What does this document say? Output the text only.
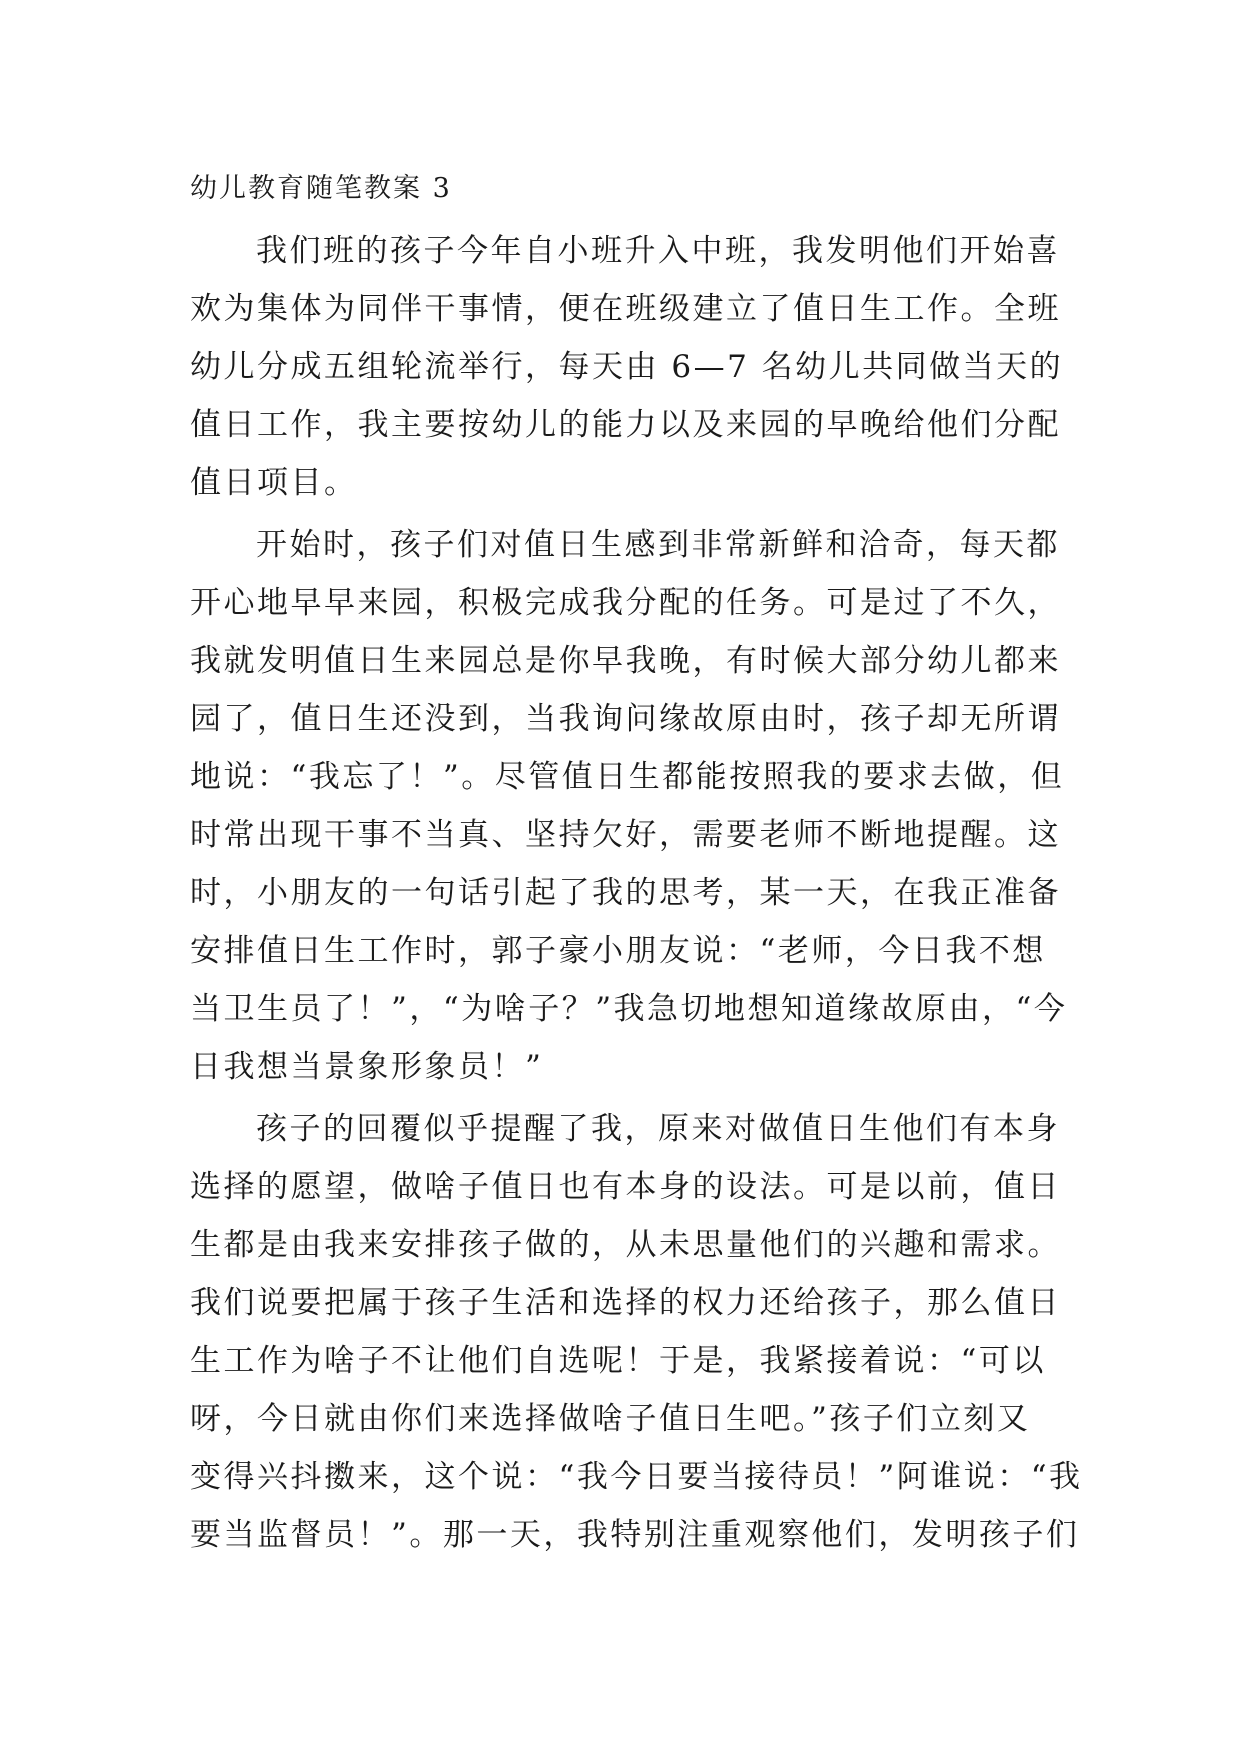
幼儿教育随笔教案 3
我们班的孩子今年自小班升入中班，我发明他们开始喜
欢为集体为同伴干事情，便在班级建立了值日生工作。全班
幼儿分成五组轮流举行，每天由 6—7 名幼儿共同做当天的
值日工作，我主要按幼儿的能力以及来园的早晚给他们分配
值日项目。
开始时，孩子们对值日生感到非常新鲜和洽奇，每天都
开心地早早来园，积极完成我分配的任务。可是过了不久，
我就发明值日生来园总是你早我晚，有时候大部分幼儿都来
园了，值日生还没到，当我询问缘故原由时，孩子却无所谓
地说：“我忘了！”。尽管值日生都能按照我的要求去做，但
时常出现干事不当真、坚持欠好，需要老师不断地提醒。这
时，小朋友的一句话引起了我的思考，某一天，在我正准备
安排值日生工作时，郭子豪小朋友说：“老师，今日我不想
当卫生员了！”，“为啥子？”我急切地想知道缘故原由，“今
日我想当景象形象员！”
孩子的回覆似乎提醒了我，原来对做值日生他们有本身
选择的愿望，做啥子值日也有本身的设法。可是以前，值日
生都是由我来安排孩子做的，从未思量他们的兴趣和需求。
我们说要把属于孩子生活和选择的权力还给孩子，那么值日
生工作为啥子不让他们自选呢！于是，我紧接着说：“可以
呀，今日就由你们来选择做啥子值日生吧。”孩子们立刻又
变得兴抖擞来，这个说：“我今日要当接待员！”阿谁说：“我
要当监督员！”。那一天，我特别注重观察他们，发明孩子们
